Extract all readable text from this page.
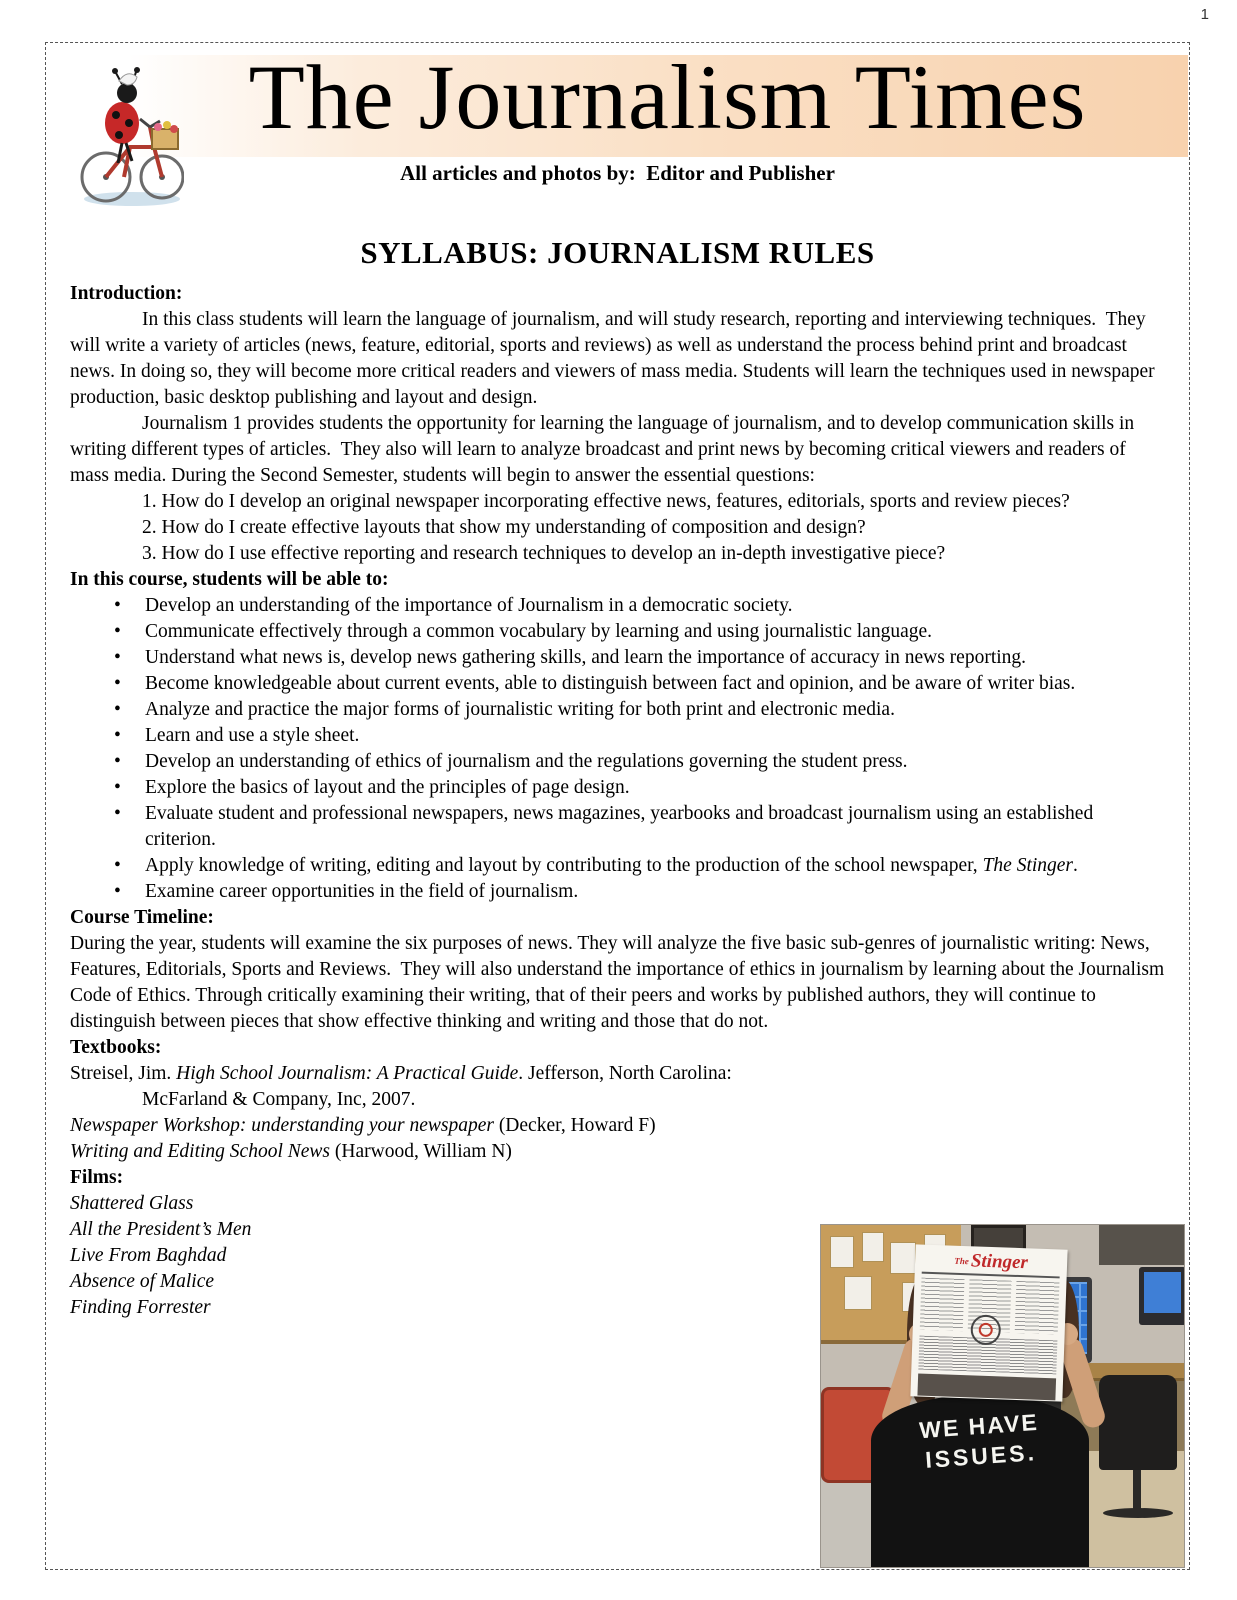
1
The Journalism Times
All articles and photos by:  Editor and Publisher
SYLLABUS: JOURNALISM RULES

Introduction:

In this class students will learn the language of journalism, and will study research, reporting and interviewing techniques.  They will write a variety of articles (news, feature, editorial, sports and reviews) as well as understand the process behind print and broadcast news. In doing so, they will become more critical readers and viewers of mass media. Students will learn the techniques used in newspaper production, basic desktop publishing and layout and design.

Journalism 1 provides students the opportunity for learning the language of journalism, and to develop communication skills in writing different types of articles.  They also will learn to analyze broadcast and print news by becoming critical viewers and readers of mass media. During the Second Semester, students will begin to answer the essential questions:

1. How do I develop an original newspaper incorporating effective news, features, editorials, sports and review pieces?

2. How do I create effective layouts that show my understanding of composition and design?

3. How do I use effective reporting and research techniques to develop an in-depth investigative piece?

In this course, students will be able to:

• Develop an understanding of the importance of Journalism in a democratic society.
• Communicate effectively through a common vocabulary by learning and using journalistic language.
• Understand what news is, develop news gathering skills, and learn the importance of accuracy in news reporting.
• Become knowledgeable about current events, able to distinguish between fact and opinion, and be aware of writer bias.
• Analyze and practice the major forms of journalistic writing for both print and electronic media.
• Learn and use a style sheet.
• Develop an understanding of ethics of journalism and the regulations governing the student press.
• Explore the basics of layout and the principles of page design.
• Evaluate student and professional newspapers, news magazines, yearbooks and broadcast journalism using an established criterion.
• Apply knowledge of writing, editing and layout by contributing to the production of the school newspaper, The Stinger.
• Examine career opportunities in the field of journalism.

Course Timeline:

During the year, students will examine the six purposes of news. They will analyze the five basic sub-genres of journalistic writing: News, Features, Editorials, Sports and Reviews.  They will also understand the importance of ethics in journalism by learning about the Journalism Code of Ethics. Through critically examining their writing, that of their peers and works by published authors, they will continue to distinguish between pieces that show effective thinking and writing and those that do not.

Textbooks:

Streisel, Jim. High School Journalism: A Practical Guide. Jefferson, North Carolina:

McFarland & Company, Inc, 2007.

Newspaper Workshop: understanding your newspaper (Decker, Howard F)

Writing and Editing School News (Harwood, William N)

Films:

Shattered Glass

All the President’s Men

Live From Baghdad

Absence of Malice

Finding Forrester

WE HAVE
ISSUES.
$^{The}$Stinger
